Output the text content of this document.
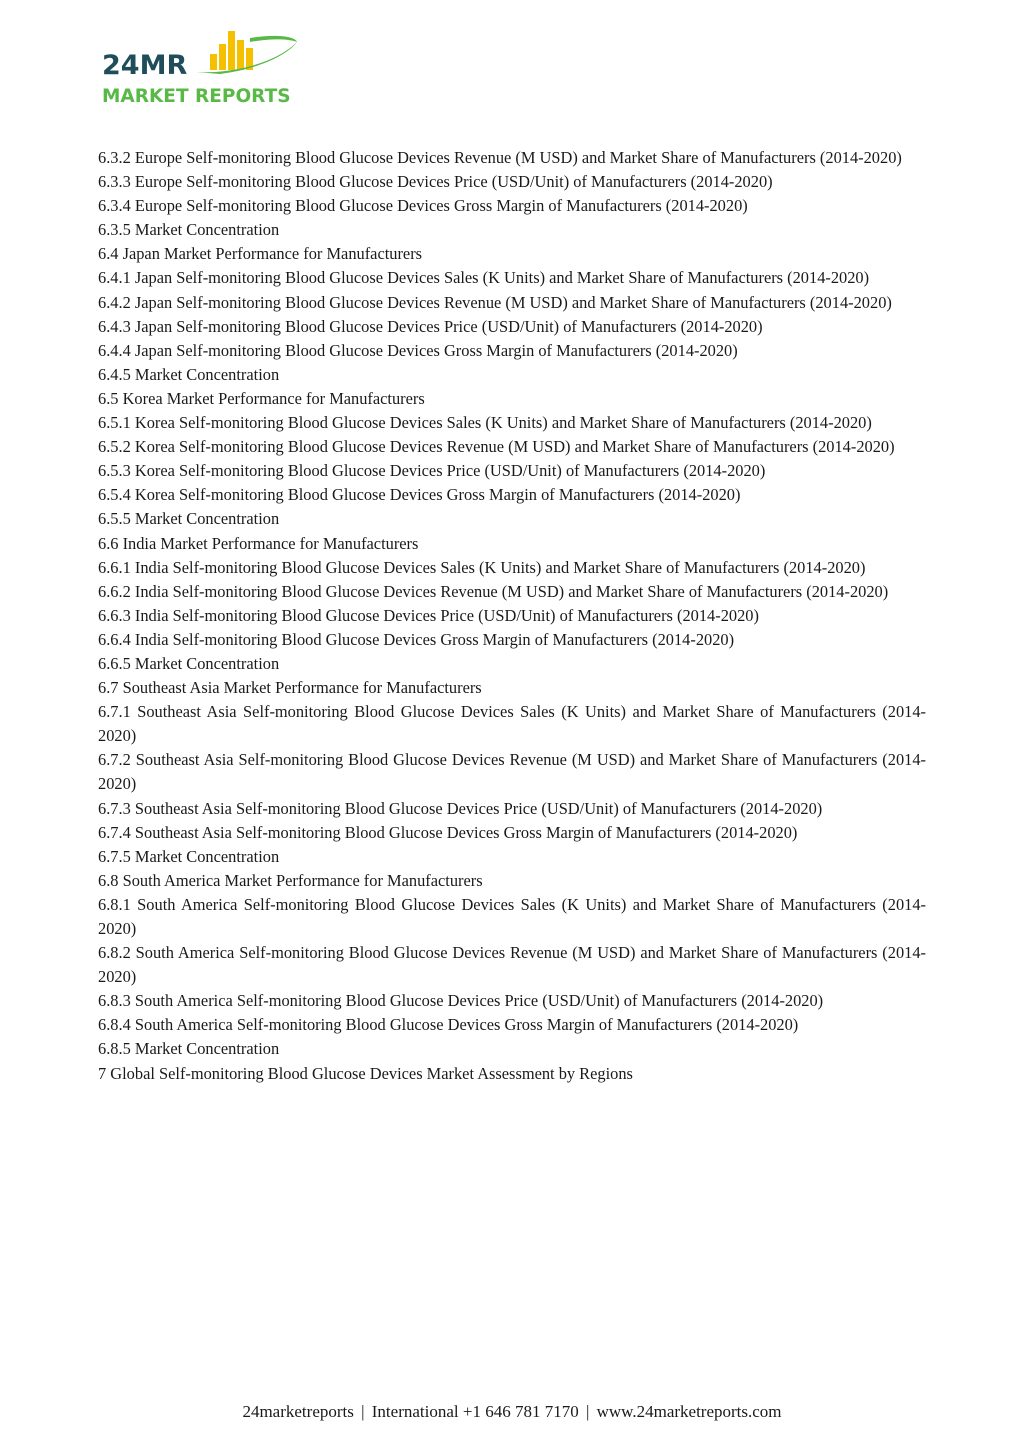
24MR
MARKET REPORTS

6.3.2 Europe Self-monitoring Blood Glucose Devices Revenue (M USD) and Market Share of Manufacturers (2014-2020)

6.3.3 Europe Self-monitoring Blood Glucose Devices Price (USD/Unit) of Manufacturers (2014-2020)

6.3.4 Europe Self-monitoring Blood Glucose Devices Gross Margin of Manufacturers (2014-2020)

6.3.5 Market Concentration

6.4 Japan Market Performance for Manufacturers

6.4.1 Japan Self-monitoring Blood Glucose Devices Sales (K Units) and Market Share of Manufacturers (2014-2020)

6.4.2 Japan Self-monitoring Blood Glucose Devices Revenue (M USD) and Market Share of Manufacturers (2014-2020)

6.4.3 Japan Self-monitoring Blood Glucose Devices Price (USD/Unit) of Manufacturers (2014-2020)

6.4.4 Japan Self-monitoring Blood Glucose Devices Gross Margin of Manufacturers (2014-2020)

6.4.5 Market Concentration

6.5 Korea Market Performance for Manufacturers

6.5.1 Korea Self-monitoring Blood Glucose Devices Sales (K Units) and Market Share of Manufacturers (2014-2020)

6.5.2 Korea Self-monitoring Blood Glucose Devices Revenue (M USD) and Market Share of Manufacturers (2014-2020)

6.5.3 Korea Self-monitoring Blood Glucose Devices Price (USD/Unit) of Manufacturers (2014-2020)

6.5.4 Korea Self-monitoring Blood Glucose Devices Gross Margin of Manufacturers (2014-2020)

6.5.5 Market Concentration

6.6 India Market Performance for Manufacturers

6.6.1 India Self-monitoring Blood Glucose Devices Sales (K Units) and Market Share of Manufacturers (2014-2020)

6.6.2 India Self-monitoring Blood Glucose Devices Revenue (M USD) and Market Share of Manufacturers (2014-2020)

6.6.3 India Self-monitoring Blood Glucose Devices Price (USD/Unit) of Manufacturers (2014-2020)

6.6.4 India Self-monitoring Blood Glucose Devices Gross Margin of Manufacturers (2014-2020)

6.6.5 Market Concentration

6.7 Southeast Asia Market Performance for Manufacturers

6.7.1 Southeast Asia Self-monitoring Blood Glucose Devices Sales (K Units) and Market Share of Manufacturers (2014-2020)

6.7.2 Southeast Asia Self-monitoring Blood Glucose Devices Revenue (M USD) and Market Share of Manufacturers (2014-2020)

6.7.3 Southeast Asia Self-monitoring Blood Glucose Devices Price (USD/Unit) of Manufacturers (2014-2020)

6.7.4 Southeast Asia Self-monitoring Blood Glucose Devices Gross Margin of Manufacturers (2014-2020)

6.7.5 Market Concentration

6.8 South America Market Performance for Manufacturers

6.8.1 South America Self-monitoring Blood Glucose Devices Sales (K Units) and Market Share of Manufacturers (2014-2020)

6.8.2 South America Self-monitoring Blood Glucose Devices Revenue (M USD) and Market Share of Manufacturers (2014-2020)

6.8.3 South America Self-monitoring Blood Glucose Devices Price (USD/Unit) of Manufacturers (2014-2020)

6.8.4 South America Self-monitoring Blood Glucose Devices Gross Margin of Manufacturers (2014-2020)

6.8.5 Market Concentration

7 Global Self-monitoring Blood Glucose Devices Market Assessment by Regions

24marketreports | International +1 646 781 7170 | www.24marketreports.com
